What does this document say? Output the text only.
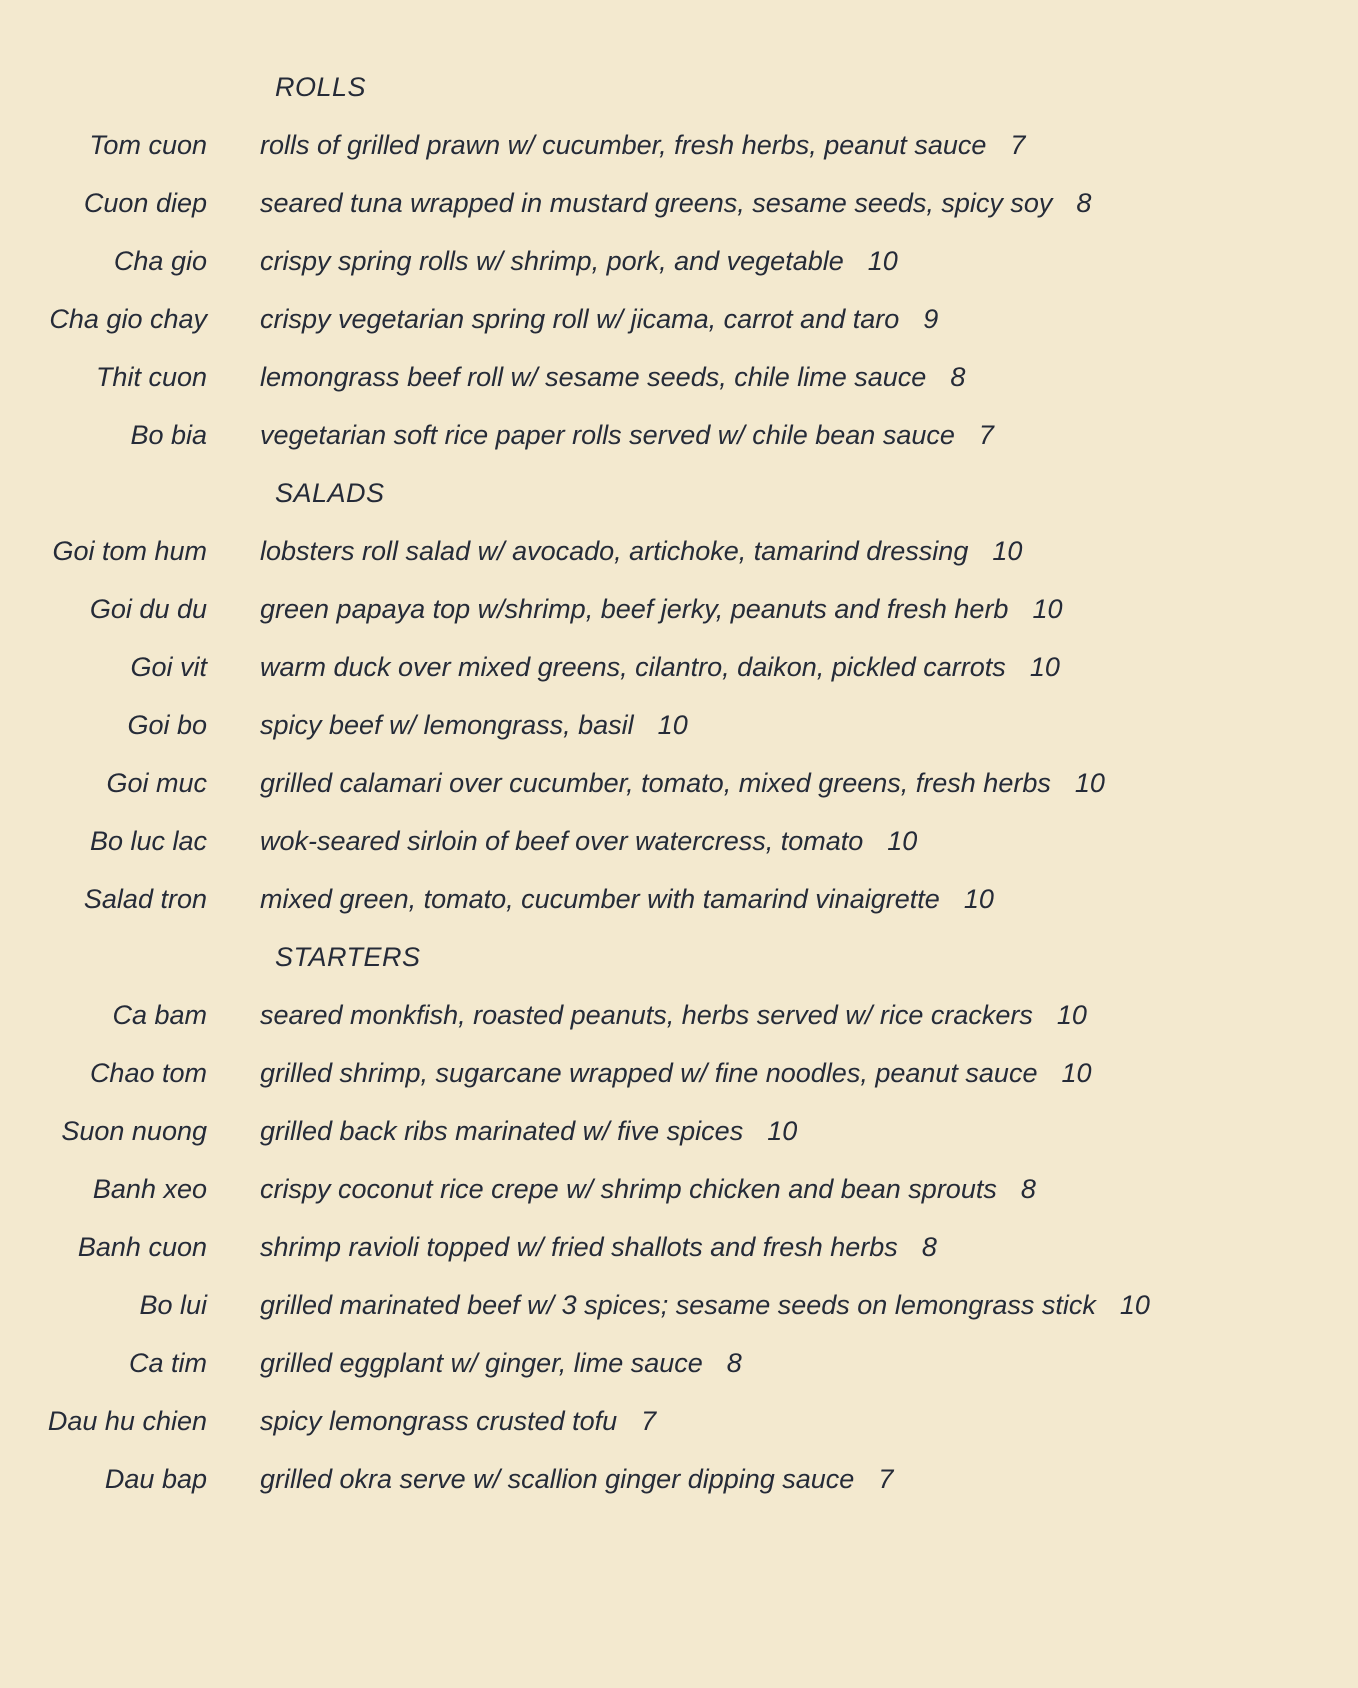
ROLLS
Tom cuon rolls of grilled prawn w/ cucumber, fresh herbs, peanut sauce 7
Cuon diep seared tuna wrapped in mustard greens, sesame seeds, spicy soy 8
Cha gio crispy spring rolls w/ shrimp, pork, and vegetable 10
Cha gio chay crispy vegetarian spring roll w/ jicama, carrot and taro 9
Thit cuon lemongrass beef roll w/ sesame seeds, chile lime sauce 8
Bo bia vegetarian soft rice paper rolls served w/ chile bean sauce 7
SALADS
Goi tom hum lobsters roll salad w/ avocado, artichoke, tamarind dressing 10
Goi du du green papaya top w/shrimp, beef jerky, peanuts and fresh herb 10
Goi vit warm duck over mixed greens, cilantro, daikon, pickled carrots 10
Goi bo spicy beef w/ lemongrass, basil 10
Goi muc grilled calamari over cucumber, tomato, mixed greens, fresh herbs 10
Bo luc lac wok-seared sirloin of beef over watercress, tomato 10
Salad tron mixed green, tomato, cucumber with tamarind vinaigrette 10
STARTERS
Ca bam seared monkfish, roasted peanuts, herbs served w/ rice crackers 10
Chao tom grilled shrimp, sugarcane wrapped w/ fine noodles, peanut sauce 10
Suon nuong grilled back ribs marinated w/ five spices 10
Banh xeo crispy coconut rice crepe w/ shrimp chicken and bean sprouts 8
Banh cuon shrimp ravioli topped w/ fried shallots and fresh herbs 8
Bo lui grilled marinated beef w/ 3 spices; sesame seeds on lemongrass stick 10
Ca tim grilled eggplant w/ ginger, lime sauce 8
Dau hu chien spicy lemongrass crusted tofu 7
Dau bap grilled okra serve w/ scallion ginger dipping sauce 7
